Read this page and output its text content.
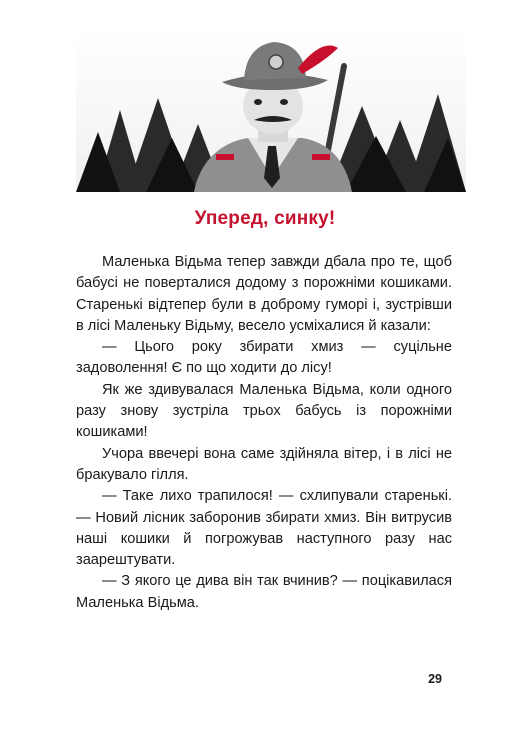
Уперед, синку!

Маленька Відьма тепер завжди дбала про те, щоб бабусі не поверталися додому з порожніми кошиками. Старенькі відтепер були в доброму гуморі і, зустрівши в лісі Маленьку Відьму, весело усміхалися й казали:

— Цього року збирати хмиз — суцільне задоволення! Є по що ходити до лісу!

Як же здивувалася Маленька Відьма, коли одного разу знову зустріла трьох бабусь із порожніми кошиками!

Учора ввечері вона саме здійняла вітер, і в лісі не бракувало гілля.

— Таке лихо трапилося! — схлипували старенькі.— Новий лісник заборонив збирати хмиз. Він витрусив наші кошики й погрожував наступного разу нас заарештувати.

— З якого це дива він так вчинив? — поцікавилася Маленька Відьма.

29
